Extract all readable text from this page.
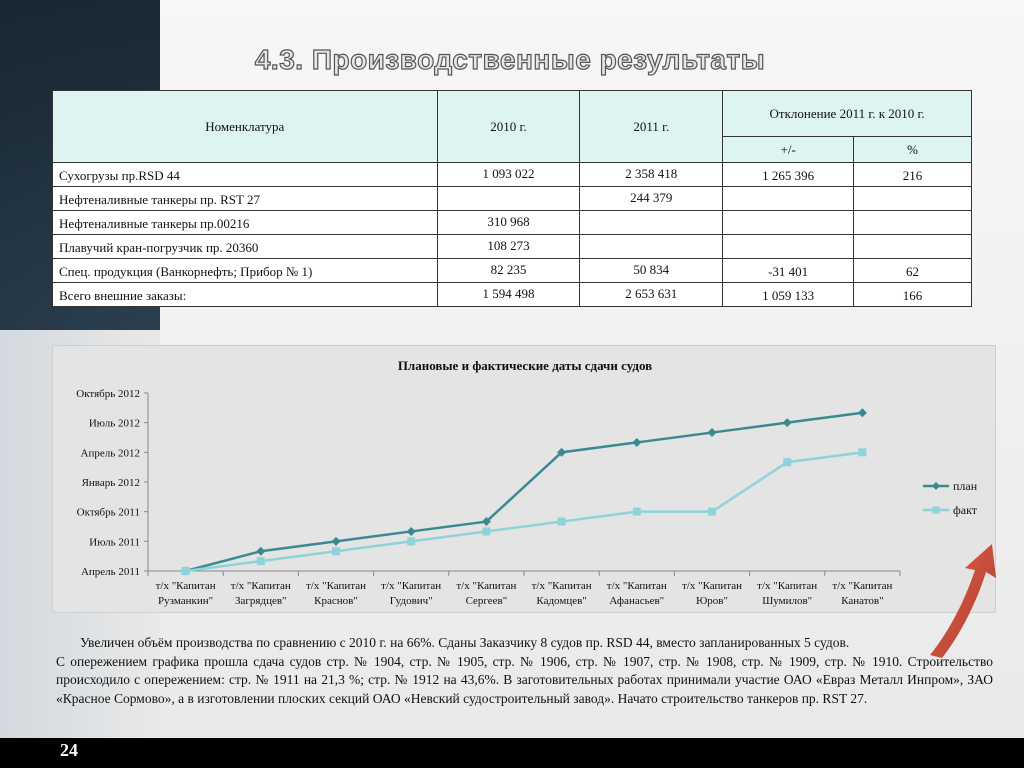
4.3. Производственные результаты
Номенклатура	2010 г.	2011 г.	Отклонение 2011 г. к 2010 г.	
			+/-	%
Сухогрузы пр.RSD 44	1 093 022	2 358 418	1 265 396	216
Нефтеналивные танкеры пр. RST 27		244 379		
Нефтеналивные танкеры пр.00216	310 968			
Плавучий кран-погрузчик пр. 20360	108 273			
Спец. продукция (Ванкорнефть; Прибор № 1)	82 235	50 834	-31 401	62
Всего внешние заказы:	1 594 498	2 653 631	1 059 133	166
Плановые и фактические даты сдачи судов
Апрель 2011
Июль 2011
Октябрь 2011
Январь 2012
Апрель 2012
Июль 2012
Октябрь 2012
т/х "Капитан
Рузманкин"
т/х "Капитан
Загрядцев"
т/х "Капитан
Краснов"
т/х "Капитан
Гудович"
т/х "Капитан
Сергеев"
т/х "Капитан
Кадомцев"
т/х "Капитан
Афанасьев"
т/х "Капитан
Юров"
т/х "Капитан
Шумилов"
т/х "Капитан
Канатов"
план
факт

Увеличен объём производства по сравнению с 2010 г. на 66%. Сданы Заказчику 8 судов пр. RSD 44, вместо запланированных 5 судов.

С опережением графика прошла сдача судов стр. № 1904, стр. № 1905, стр. № 1906, стр. № 1907, стр. № 1908, стр. № 1909, стр. № 1910. Строительство происходило с опережением: стр. № 1911 на 21,3 %; стр. № 1912 на 43,6%. В заготовительных работах принимали участие ОАО «Евраз Металл Инпром», ЗАО «Красное Сормово», а в изготовлении плоских секций ОАО «Невский судостроительный завод». Начато строительство танкеров пр. RST 27.

24
